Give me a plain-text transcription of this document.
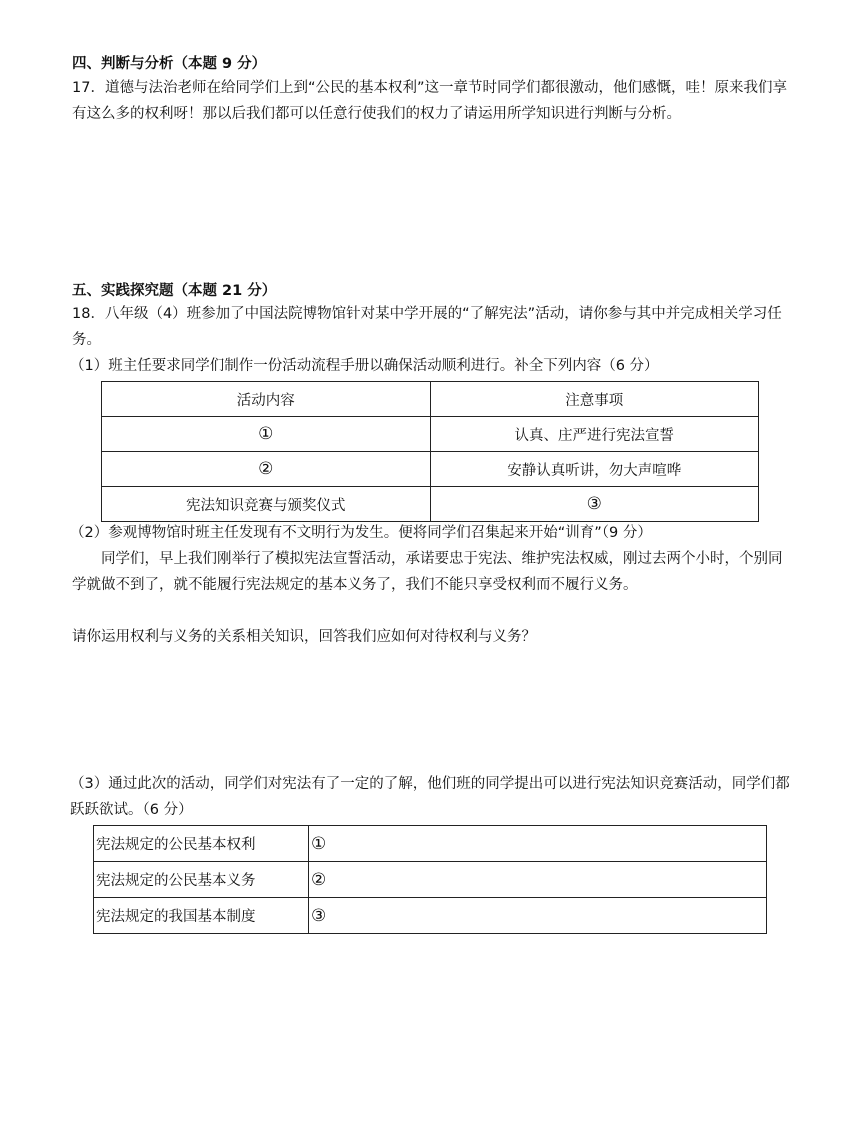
四、判断与分析（本题 9 分）

17．道德与法治老师在给同学们上到“公民的基本权利”这一章节时同学们都很激动，他们感慨，哇！原来我们享有这么多的权利呀！那以后我们都可以任意行使我们的权力了请运用所学知识进行判断与分析。

五、实践探究题（本题 21 分）

18．八年级（4）班参加了中国法院博物馆针对某中学开展的“了解宪法”活动，请你参与其中并完成相关学习任务。

（1）班主任要求同学们制作一份活动流程手册以确保活动顺利进行。补全下列内容（6 分）

活动内容	注意事项
①	认真、庄严进行宪法宣誓
②	安静认真听讲，勿大声喧哗
宪法知识竞赛与颁奖仪式	③

（2）参观博物馆时班主任发现有不文明行为发生。便将同学们召集起来开始“训育”（9 分）

同学们，早上我们刚举行了模拟宪法宣誓活动，承诺要忠于宪法、维护宪法权威，刚过去两个小时，个别同学就做不到了，就不能履行宪法规定的基本义务了，我们不能只享受权利而不履行义务。

请你运用权利与义务的关系相关知识，回答我们应如何对待权利与义务？

（3）通过此次的活动，同学们对宪法有了一定的了解，他们班的同学提出可以进行宪法知识竞赛活动，同学们都跃跃欲试。（6 分）

宪法规定的公民基本权利	①
宪法规定的公民基本义务	②
宪法规定的我国基本制度	③
